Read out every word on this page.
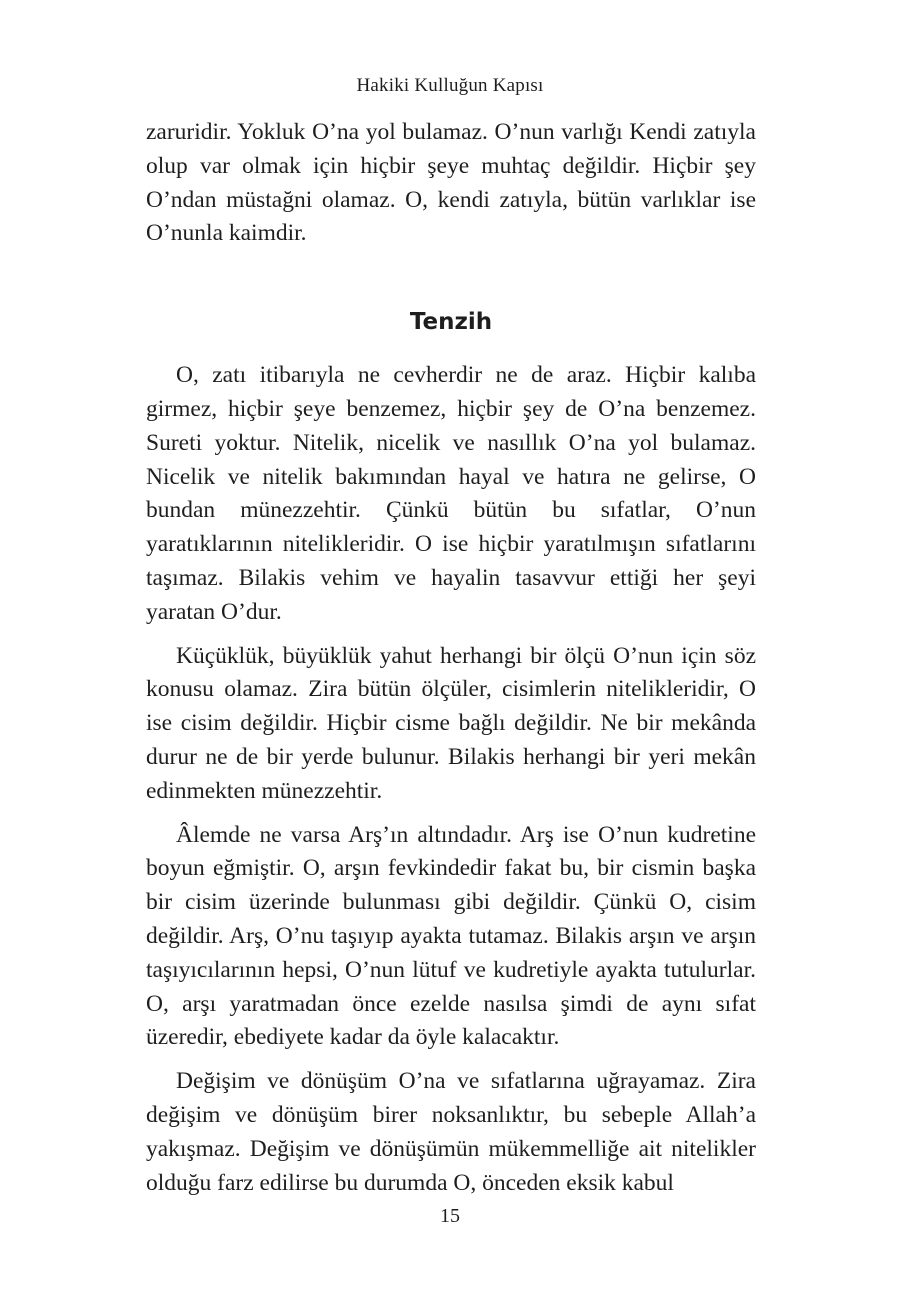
Hakiki Kulluğun Kapısı

zaruridir. Yokluk O’na yol bulamaz. O’nun varlığı Kendi zatıyla olup var olmak için hiçbir şeye muhtaç değildir. Hiçbir şey O’ndan müstağni olamaz. O, kendi zatıyla, bütün varlıklar ise O’nunla kaimdir.

Tenzih

O, zatı itibarıyla ne cevherdir ne de araz. Hiçbir kalıba girmez, hiçbir şeye benzemez, hiçbir şey de O’na benzemez. Sureti yoktur. Nitelik, nicelik ve nasıllık O’na yol bulamaz. Nicelik ve nitelik bakımından hayal ve hatıra ne gelirse, O bundan münezzehtir. Çünkü bütün bu sıfatlar, O’nun yaratıklarının nitelikleridir. O ise hiçbir yaratılmışın sıfatlarını taşımaz. Bilakis vehim ve hayalin tasavvur ettiği her şeyi yaratan O’dur.

Küçüklük, büyüklük yahut herhangi bir ölçü O’nun için söz konusu olamaz. Zira bütün ölçüler, cisimlerin nitelikleridir, O ise cisim değildir. Hiçbir cisme bağlı değildir. Ne bir mekânda durur ne de bir yerde bulunur. Bilakis herhangi bir yeri mekân edinmekten münezzehtir.

Âlemde ne varsa Arş’ın altındadır. Arş ise O’nun kudretine boyun eğmiştir. O, arşın fevkindedir fakat bu, bir cismin başka bir cisim üzerinde bulunması gibi değildir. Çünkü O, cisim değildir. Arş, O’nu taşıyıp ayakta tutamaz. Bilakis arşın ve arşın taşıyıcılarının hepsi, O’nun lütuf ve kudretiyle ayakta tutulurlar. O, arşı yaratmadan önce ezelde nasılsa şimdi de aynı sıfat üzeredir, ebediyete kadar da öyle kalacaktır.

Değişim ve dönüşüm O’na ve sıfatlarına uğrayamaz. Zira değişim ve dönüşüm birer noksanlıktır, bu sebeple Allah’a yakışmaz. Değişim ve dönüşümün mükemmelliğe ait nitelikler olduğu farz edilirse bu durumda O, önceden eksik kabul

15
